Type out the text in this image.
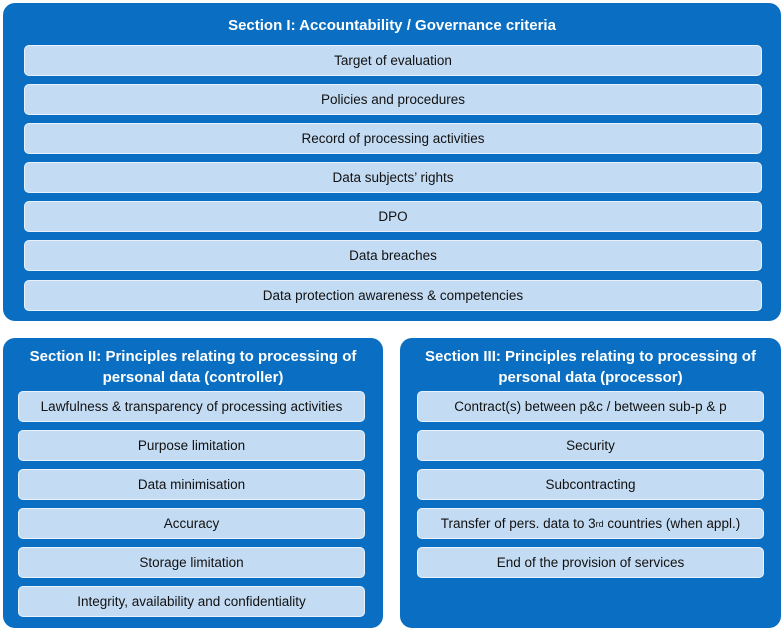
Section I: Accountability / Governance criteria
Target of evaluation
Policies and procedures
Record of processing activities
Data subjects’ rights
DPO
Data breaches
Data protection awareness & competencies
Section II: Principles relating to processing of
personal data (controller)
Lawfulness & transparency of processing activities
Purpose limitation
Data minimisation
Accuracy
Storage limitation
Integrity, availability and confidentiality
Section III: Principles relating to processing of
personal data (processor)
Contract(s) between p&c / between sub-p & p
Security
Subcontracting
Transfer of pers. data to 3 rd countries (when appl.)
End of the provision of services
